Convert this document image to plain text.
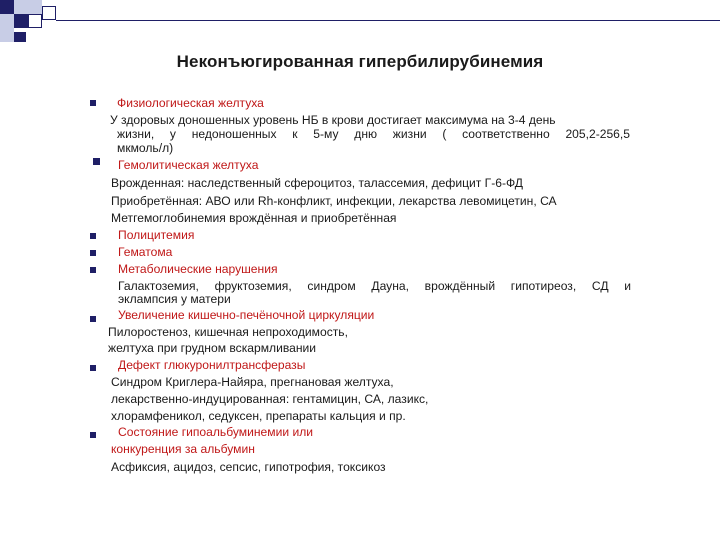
Неконъюгированная гипербилирубинемия
Физиологическая желтуха
У здоровых доношенных уровень НБ в крови достигает максимума на 3-4 день
жизни, у недоношенных к 5-му дню жизни ( соответственно 205,2-256,5
мкмоль/л)
Гемолитическая желтуха
Врожденная: наследственный сфероцитоз, талассемия, дефицит Г-6-ФД
Приобретённая: АВО или Rh-конфликт, инфекции, лекарства левомицетин, СА
Метгемоглобинемия врождённая и приобретённая
Полицитемия
Гематома
Метаболические нарушения
Галактоземия, фруктоземия, синдром Дауна, врождённый гипотиреоз, СД и
эклампсия у матери
Увеличение кишечно-печёночной циркуляции
Пилоростеноз, кишечная непроходимость,
желтуха при грудном вскармливании
Дефект глюкуронилтрансферазы
Синдром Криглера-Найяра, прегнановая желтуха,
лекарственно-индуцированная: гентамицин, СА, лазикс,
хлорамфеникол, седуксен, препараты кальция и пр.
Состояние гипоальбуминемии или
конкуренция за альбумин
Асфиксия, ацидоз, сепсис, гипотрофия, токсикоз
